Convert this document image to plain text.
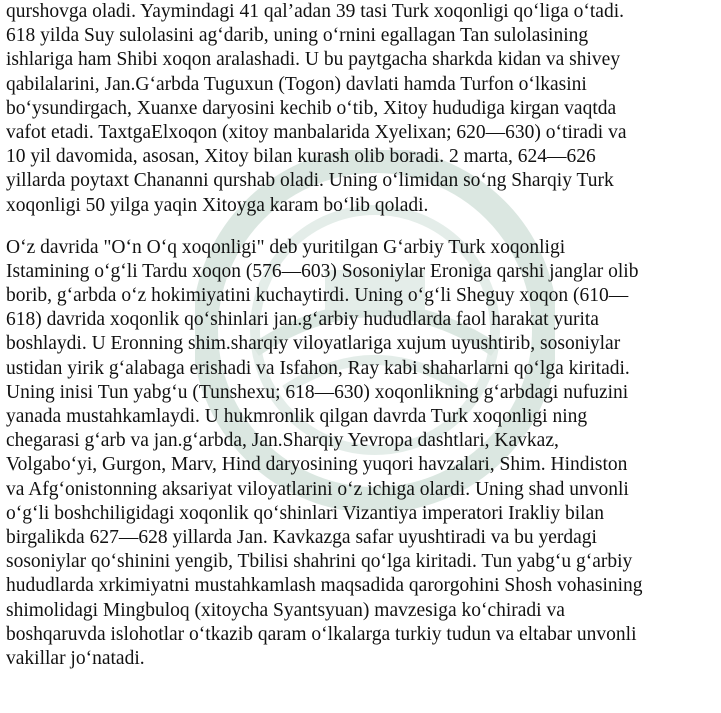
qurshovga oladi. Yaymindagi 41 qal’adan 39 tasi Turk xoqonligi qo‘liga o‘tadi.
618 yilda Suy sulolasini ag‘darib, uning o‘rnini egallagan Tan sulolasining
ishlariga ham Shibi xoqon aralashadi. U bu paytgacha sharkda kidan va shivey
qabilalarini, Jan.G‘arbda Tuguxun (Togon) davlati hamda Turfon o‘lkasini
bo‘ysundirgach, Xuanxe daryosini kechib o‘tib, Xitoy hududiga kirgan vaqtda
vafot etadi. TaxtgaElxoqon (xitoy manbalarida Xyelixan; 620—630) o‘tiradi va
10 yil davomida, asosan, Xitoy bilan kurash olib boradi. 2 marta, 624—626
yillarda poytaxt Chananni qurshab oladi. Uning o‘limidan so‘ng Sharqiy Turk
xoqonligi 50 yilga yaqin Xitoyga karam bo‘lib qoladi.
O‘z davrida "O‘n O‘q xoqonligi" deb yuritilgan G‘arbiy Turk xoqonligi
Istamining o‘g‘li Tardu xoqon (576—603) Sosoniylar Eroniga qarshi janglar olib
borib, g‘arbda o‘z hokimiyatini kuchaytirdi. Uning o‘g‘li Sheguy xoqon (610—
618) davrida xoqonlik qo‘shinlari jan.g‘arbiy hududlarda faol harakat yurita
boshlaydi. U Eronning shim.sharqiy viloyatlariga xujum uyushtirib, sosoniylar
ustidan yirik g‘alabaga erishadi va Isfahon, Ray kabi shaharlarni qo‘lga kiritadi.
Uning inisi Tun yabg‘u (Tunshexu; 618—630) xoqonlikning g‘arbdagi nufuzini
yanada mustahkamlaydi. U hukmronlik qilgan davrda Turk xoqonligi ning
chegarasi g‘arb va jan.g‘arbda, Jan.Sharqiy Yevropa dashtlari, Kavkaz,
Volgabo‘yi, Gurgon, Marv, Hind daryosining yuqori havzalari, Shim. Hindiston
va Afg‘onistonning aksariyat viloyatlarini o‘z ichiga olardi. Uning shad unvonli
o‘g‘li boshchiligidagi xoqonlik qo‘shinlari Vizantiya imperatori Irakliy bilan
birgalikda 627—628 yillarda Jan. Kavkazga safar uyushtiradi va bu yerdagi
sosoniylar qo‘shinini yengib, Tbilisi shahrini qo‘lga kiritadi. Tun yabg‘u g‘arbiy
hududlarda xrkimiyatni mustahkamlash maqsadida qarorgohini Shosh vohasining
shimolidagi Mingbuloq (xitoycha Syantsyuan) mavzesiga ko‘chiradi va
boshqaruvda islohotlar o‘tkazib qaram o‘lkalarga turkiy tudun va eltabar unvonli
vakillar jo‘natadi.
